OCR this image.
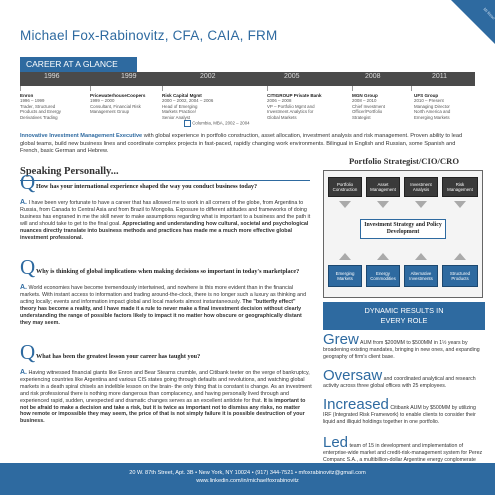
Michael Fox-Rabinovitz, CFA, CAIA, FRM
Mi Reso
CAREER AT A GLANCE
1996	1999	2002	2005	2008	2011
Enron
1996 – 1999
Trader, Structured
Products and Energy
Derivatives Trading
PricewaterhouseCoopers
1999 – 2000
Consultant, Financial Risk
Management Group
Risk Capital Mgmt
2000 – 2002, 2004 – 2006
Head of Emerging
Markets Practice/
Senior Analyst
CITIGROUP Private Bank
2006 – 2008
VP – Portfolio Mgmt and
Investment Analytics for
Global Markets
MGN Group
2008 – 2010
Chief Investment
Officer/Portfolio
Strategist
UFS Group
2010 – Present
Managing Director
North America and
Emerging Markets
Columbia, MBA, 2002 – 2004
Innovative Investment Management Executive with global experience in portfolio construction, asset allocation, investment analysis and risk management. Proven ability to lead global teams, build new business lines and coordinate complex projects in fast-paced, rapidly changing work environments. Bilingual in English and Russian, some Spanish and French, basic German and Hebrew.
Speaking Personally...
Q How has your international experience shaped the way you conduct business today?
A. I have been very fortunate to have a career that has allowed me to work in all corners of the globe, from Argentina to Russia, from Canada to Central Asia and from Brazil to Mongolia. Exposure to different attitudes and frameworks of doing business has engraned in me the skill never to make assumptions regarding what is important to a business and the path it will and should take to get to the final goal. Appreciating and understanding how cultural, societal and psychological nuances directly translate into business methods and practices has made me a much more effective global investment professional.
Q Why is thinking of global implications when making decisions so important in today's marketplace?
A. World economies have become tremendously intertwined, and nowhere is this more evident than in the financial markets. With instant access to information and trading around-the-clock, there is no longer such a luxury as thinking and acting locally; events and information impact global and local markets almost instantaneously. The "butterfly effect" theory has become a reality, and I have made it a rule to never make a final investment decision without clearly understanding the range of possible factors likely to impact it no matter how obscure or geographically distant they may seem.
Q What has been the greatest lesson your career has taught you?
A. Having witnessed financial giants like Enron and Bear Stearns crumble, and Citibank teeter on the verge of bankruptcy, experiencing countries like Argentina and various CIS states going through defaults and revolutions, and watching global markets in a death spiral chisels an indelible lesson on the brain- the only thing that is constant is change. As an investment and risk professional there is nothing more dangerous than complacency, and having personally lived through and experienced rapid, sudden, unexpected and dramatic changes serves as an excellent antidote for that. It is important to not be afraid to make a decision and take a risk, but it is twice as important not to dismiss any risks, no matter how remote or impossible they may seem, the price of that is not simply failure it is possible destruction of your business.
Portfolio Strategist/CIO/CRO
Portfolio Construction
Asset Management
Investment Analysis
Risk Management
Investment Strategy and Policy Development
Emerging Markets
Energy Commodities
Alternative Investments
Structured Products
DYNAMIC RESULTS IN
EVERY ROLE
Grew AUM from $200MM to $500MM in 1½ years by broadening existing mandates, bringing in new ones, and expanding geography of firm's client base.
Oversaw and coordinated analytical and research activity across three global offices with 25 employees.
Increased Citibank AUM by $500MM by utilizing IRF (Integrated Risk Framework) to enable clients to consider their liquid and illiquid holdings together in one portfolio.
Led team of 15 in development and implementation of enterprise-wide market and credit-risk-management system for Perez Companc S.A., a multibillion-dollar Argentine energy conglomerate
20 W. 87th Street, Apt. 3B • New York, NY 10024 • (917) 344-7521 • mfoxrabinovitz@gmail.com
www.linkedin.com/in/michaelfoxrabinovitz
